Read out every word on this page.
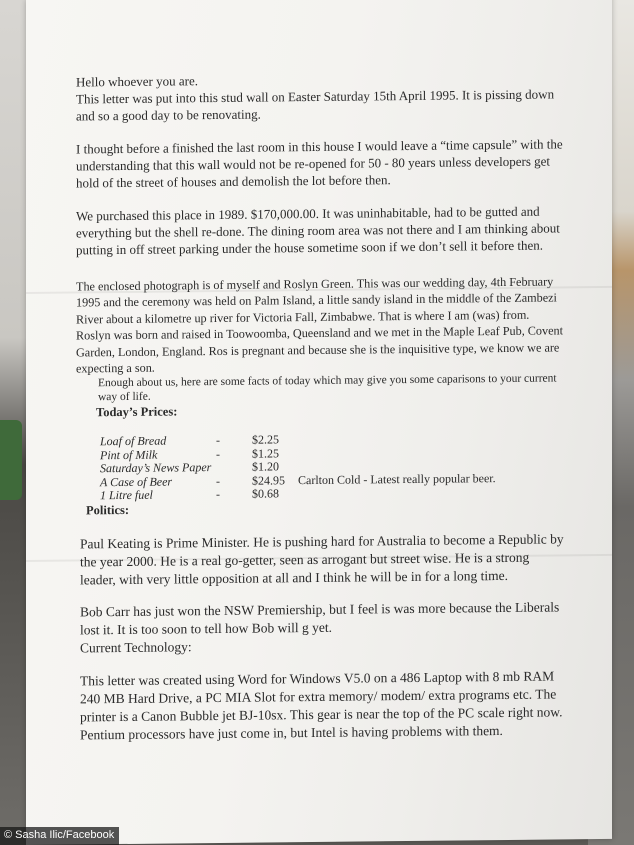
Hello whoever you are.

This letter was put into this stud wall on Easter Saturday 15th April 1995. It is pissing down and so a good day to be renovating.

I thought before a finished the last room in this house I would leave a “time capsule” with the understanding that this wall would not be re-opened for 50 - 80 years unless developers get hold of the street of houses and demolish the lot before then.

We purchased this place in 1989. $170,000.00. It was uninhabitable, had to be gutted and everything but the shell re-done. The dining room area was not there and I am thinking about putting in off street parking under the house sometime soon if we don’t sell it before then.

The enclosed photograph is of myself and Roslyn Green. This was our wedding day, 4th February 1995 and the ceremony was held on Palm Island, a little sandy island in the middle of the Zambezi River about a kilometre up river for Victoria Fall, Zimbabwe. That is where I am (was) from. Roslyn was born and raised in Toowoomba, Queensland and we met in the Maple Leaf Pub, Covent Garden, London, England. Ros is pregnant and because she is the inquisitive type, we know we are expecting a son.

Enough about us, here are some facts of today which may give you some caparisons to your current way of life.

Today’s Prices:

Loaf of Bread	-	$2.25
Pint of Milk	-	$1.25
Saturday’s News Paper	$1.20
A Case of Beer	-	$24.95	Carlton Cold - Latest really popular beer.
1 Litre fuel	-	$0.68

Politics:

Paul Keating is Prime Minister. He is pushing hard for Australia to become a Republic by the year 2000. He is a real go-getter, seen as arrogant but street wise. He is a strong leader, with very little opposition at all and I think he will be in for a long time.

Bob Carr has just won the NSW Premiership, but I feel is was more because the Liberals lost it. It is too soon to tell how Bob will g yet.

Current Technology:

This letter was created using Word for Windows V5.0 on a 486 Laptop with 8 mb RAM 240 MB Hard Drive, a PC MIA Slot for extra memory/ modem/ extra programs etc. The printer is a Canon Bubble jet BJ-10sx. This gear is near the top of the PC scale right now. Pentium processors have just come in, but Intel is having problems with them.

© Sasha Ilic/Facebook
